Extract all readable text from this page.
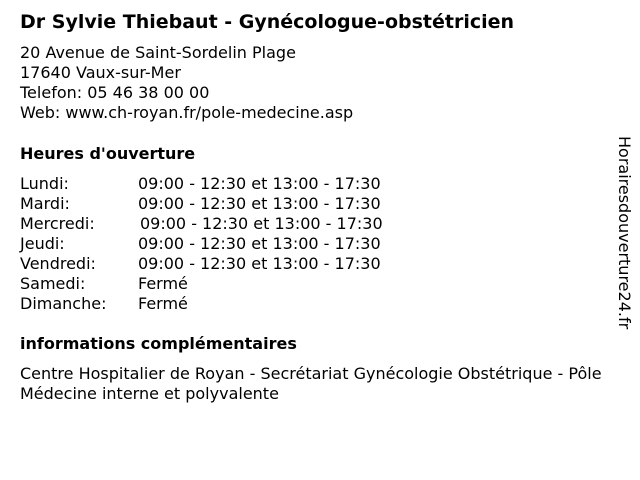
Dr Sylvie Thiebaut - Gynécologue-obstétricien
20 Avenue de Saint-Sordelin Plage
17640 Vaux-sur-Mer
Telefon: 05 46 38 00 00
Web: www.ch-royan.fr/pole-medecine.asp
Heures d'ouverture
Lundi:	09:00 - 12:30 et 13:00 - 17:30
Mardi:	09:00 - 12:30 et 13:00 - 17:30
Mercredi:	09:00 - 12:30 et 13:00 - 17:30
Jeudi:	09:00 - 12:30 et 13:00 - 17:30
Vendredi:	09:00 - 12:30 et 13:00 - 17:30
Samedi:	Fermé
Dimanche: Fermé
informations complémentaires
Centre Hospitalier de Royan - Secrétariat Gynécologie Obstétrique - Pôle Médecine interne et polyvalente
Horairesdouverture24.fr
